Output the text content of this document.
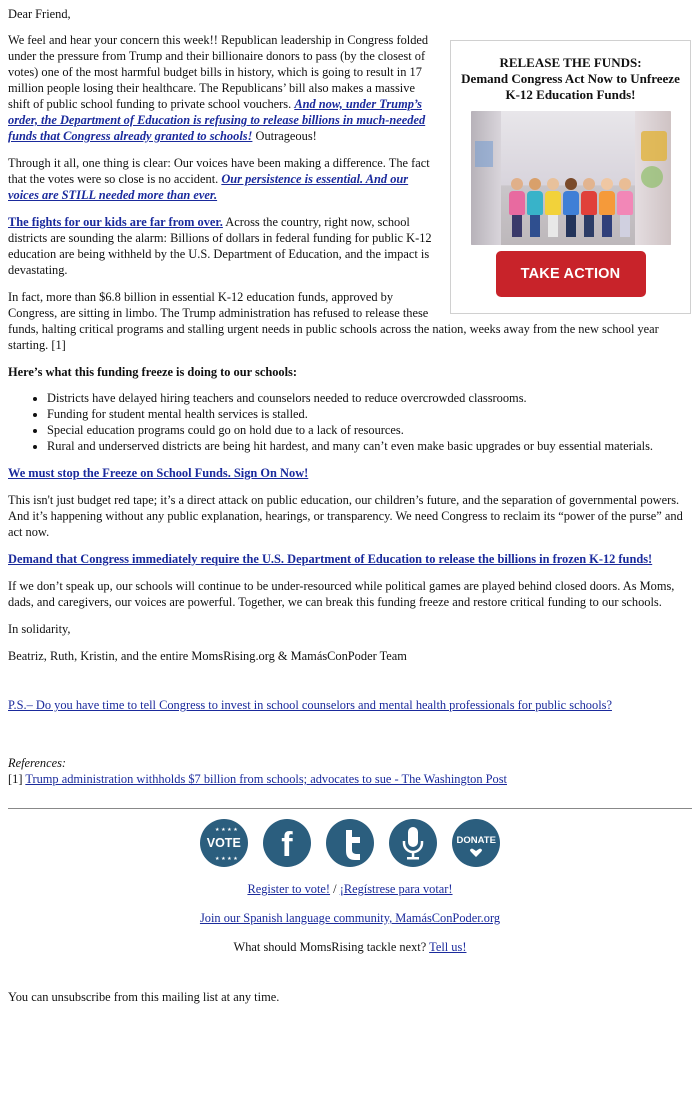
Dear Friend,

RELEASE THE FUNDS:
Demand Congress Act Now to Unfreeze K-12 Education Funds!
TAKE ACTION

We feel and hear your concern this week!! Republican leadership in Congress folded under the pressure from Trump and their billionaire donors to pass (by the closest of votes) one of the most harmful budget bills in history, which is going to result in 17 million people losing their healthcare. The Republicans’ bill also makes a massive shift of public school funding to private school vouchers. And now, under Trump’s order, the Department of Education is refusing to release billions in much-needed funds that Congress already granted to schools! Outrageous!

Through it all, one thing is clear: Our voices have been making a difference. The fact that the votes were so close is no accident. Our persistence is essential. And our voices are STILL needed more than ever.

The fights for our kids are far from over. Across the country, right now, school districts are sounding the alarm: Billions of dollars in federal funding for public K-12 education are being withheld by the U.S. Department of Education, and the impact is devastating.

In fact, more than $6.8 billion in essential K-12 education funds, approved by Congress, are sitting in limbo. The Trump administration has refused to release these funds, halting critical programs and stalling urgent needs in public schools across the nation, weeks away from the new school year starting. [1]

Here’s what this funding freeze is doing to our schools:

• Districts have delayed hiring teachers and counselors needed to reduce overcrowded classrooms.
• Funding for student mental health services is stalled.
• Special education programs could go on hold due to a lack of resources.
• Rural and underserved districts are being hit hardest, and many can’t even make basic upgrades or buy essential materials.

We must stop the Freeze on School Funds. Sign On Now!

This isn't just budget red tape; it’s a direct attack on public education, our children’s future, and the separation of governmental powers. And it’s happening without any public explanation, hearings, or transparency. We need Congress to reclaim its “power of the purse” and act now.

Demand that Congress immediately require the U.S. Department of Education to release the billions in frozen K-12 funds!

If we don’t speak up, our schools will continue to be under-resourced while political games are played behind closed doors. As Moms, dads, and caregivers, our voices are powerful. Together, we can break this funding freeze and restore critical funding to our schools.

In solidarity,

Beatriz, Ruth, Kristin, and the entire MomsRising.org & MamásConPoder Team

P.S.– Do you have time to tell Congress to invest in school counselors and mental health professionals for public schools?

References:
[1] Trump administration withholds $7 billion from schools; advocates to sue - The Washington Post
★ ★ ★ ★
★ ★ ★ ★
VOTE
	f

	DONATE

Register to vote! / ¡Regístrese para votar!

Join our Spanish language community, MamásConPoder.org

What should MomsRising tackle next? Tell us!

You can unsubscribe from this mailing list at any time.
